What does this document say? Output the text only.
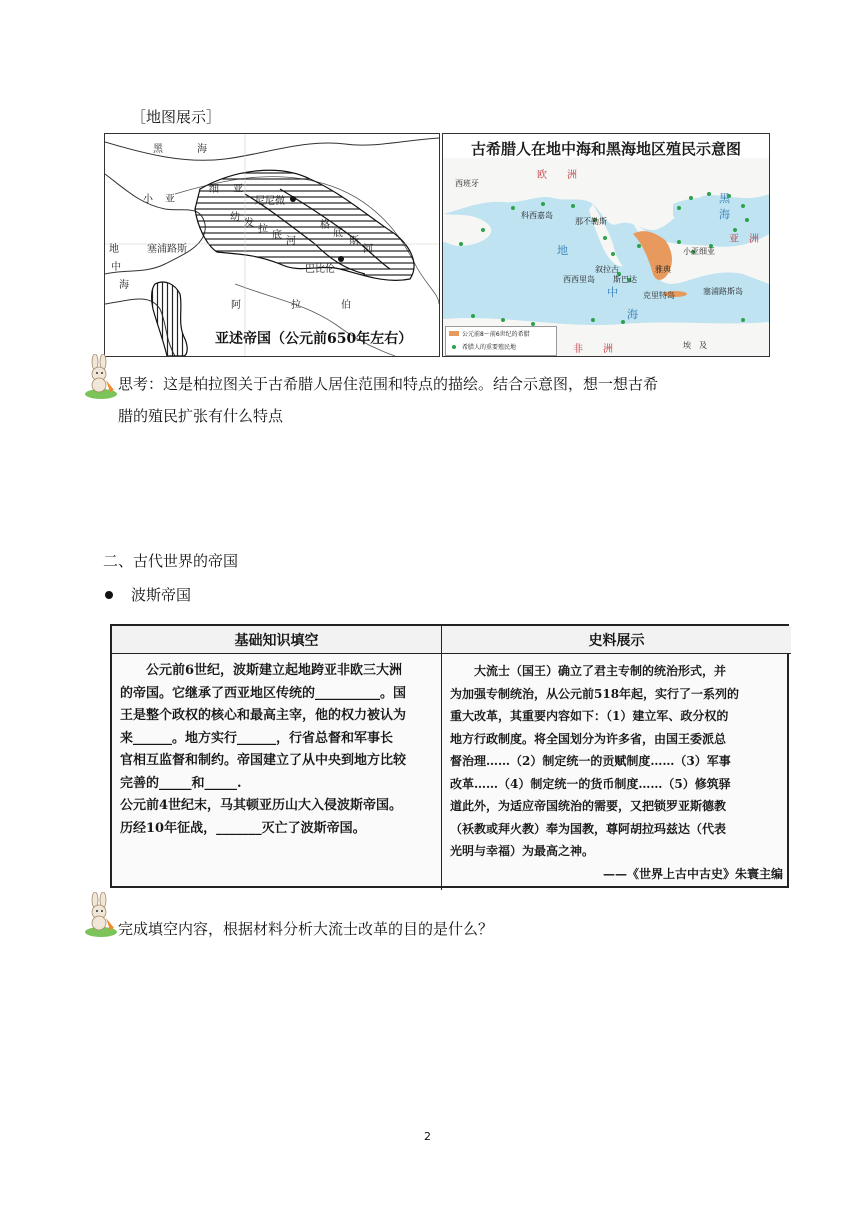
［地图展示］
黑	海
小 亚
细 亚
尼尼微
幼
发
拉
底
河
格
底
斯
河
地
中
海
塞浦路斯
巴比伦
阿	拉	伯
亚述帝国（公元前650年左右）
古希腊人在地中海和黑海地区殖民示意图
欧　　洲
黑
海
亚　洲
小亚细亚
西班牙
科西嘉岛
那不勒斯
地
中
海
叙拉古
西西里岛 斯巴达
雅典
克里特岛	塞浦路斯岛
非　　洲	埃　及
公元前8～前6世纪的希腊
希腊人的重要殖民地
思考：这是柏拉图关于古希腊人居住范围和特点的描绘。结合示意图，想一想古希
腊的殖民扩张有什么特点
二、古代世界的帝国
波斯帝国
基础知识填空	史料展示

公元前6世纪，波斯建立起地跨亚非欧三大洲

的帝国。它继承了西亚地区传统的__________。国

王是整个政权的核心和最高主宰，他的权力被认为

来______。地方实行______，行省总督和军事长

官相互监督和制约。帝国建立了从中央到地方比较

完善的_____和_____.

公元前4世纪末，马其顿亚历山大入侵波斯帝国。

历经10年征战，_______灭亡了波斯帝国。

大流士（国王）确立了君主专制的统治形式，并

为加强专制统治，从公元前518年起，实行了一系列的

重大改革，其重要内容如下：（1）建立军、政分权的

地方行政制度。将全国划分为许多省，由国王委派总

督治理……（2）制定统一的贡赋制度……（3）军事

改革……（4）制定统一的货币制度……（5）修筑驿

道此外，为适应帝国统治的需要，又把锁罗亚斯德教

（袄教或拜火教）奉为国教，尊阿胡拉玛兹达（代表

光明与幸福）为最高之神。

——《世界上古中古史》朱寰主编

完成填空内容，根据材料分析大流士改革的目的是什么？
2
